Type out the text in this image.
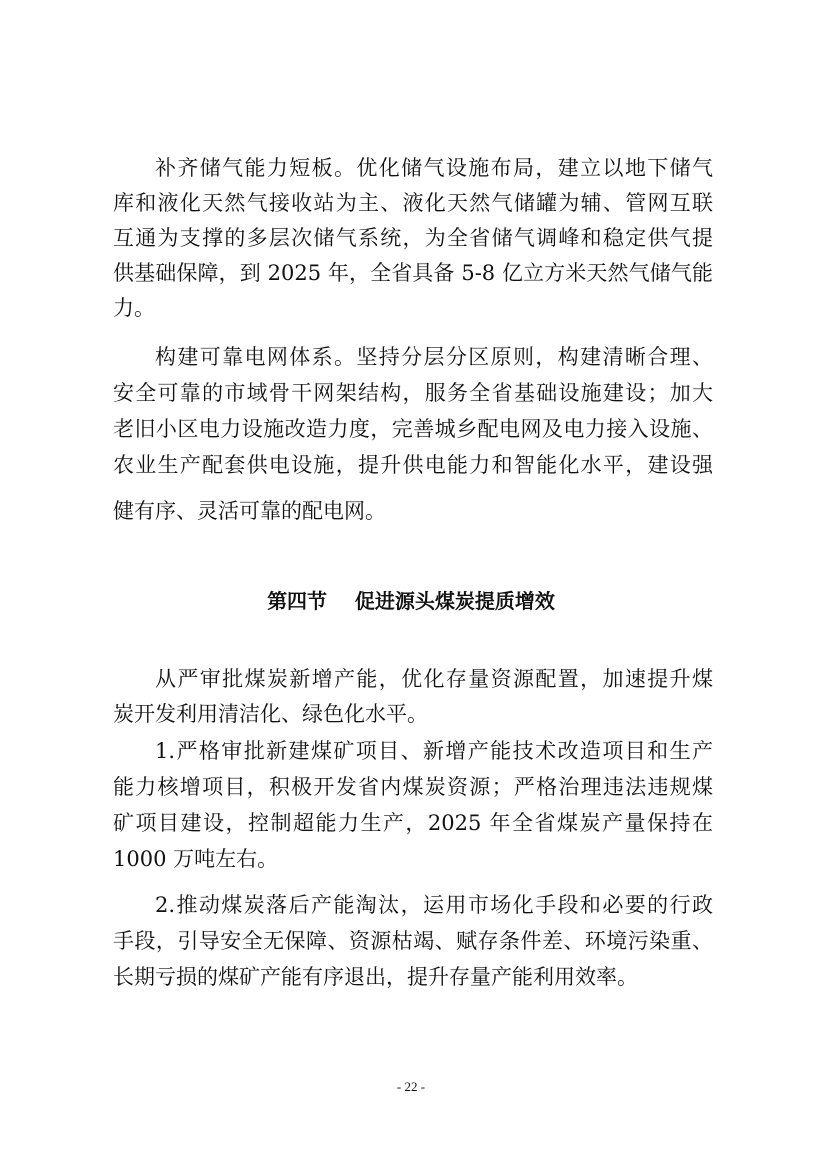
补齐储气能力短板。优化储气设施布局，建立以地下储气
库和液化天然气接收站为主、液化天然气储罐为辅、管网互联
互通为支撑的多层次储气系统，为全省储气调峰和稳定供气提
供基础保障，到 2025 年，全省具备 5-8 亿立方米天然气储气能
力。
构建可靠电网体系。坚持分层分区原则，构建清晰合理、
安全可靠的市域骨干网架结构，服务全省基础设施建设；加大
老旧小区电力设施改造力度，完善城乡配电网及电力接入设施、
农业生产配套供电设施，提升供电能力和智能化水平，建设强
健有序、灵活可靠的配电网。
第四节    促进源头煤炭提质增效
从严审批煤炭新增产能，优化存量资源配置，加速提升煤
炭开发利用清洁化、绿色化水平。
1.严格审批新建煤矿项目、新增产能技术改造项目和生产
能力核增项目，积极开发省内煤炭资源；严格治理违法违规煤
矿项目建设，控制超能力生产，2025 年全省煤炭产量保持在
1000 万吨左右。
2.推动煤炭落后产能淘汰，运用市场化手段和必要的行政
手段，引导安全无保障、资源枯竭、赋存条件差、环境污染重、
长期亏损的煤矿产能有序退出，提升存量产能利用效率。
- 22 -
